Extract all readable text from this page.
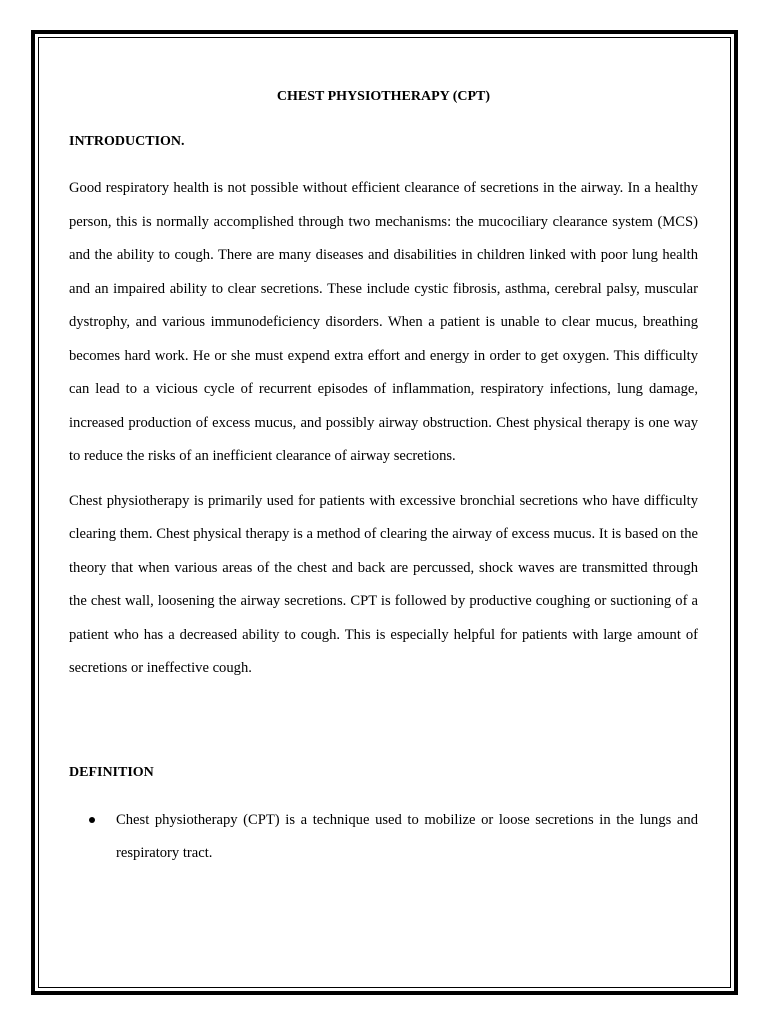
CHEST PHYSIOTHERAPY (CPT)
INTRODUCTION.

Good respiratory health is not possible without efficient clearance of secretions in the airway. In a healthy person, this is normally accomplished through two mechanisms: the mucociliary clearance system (MCS) and the ability to cough. There are many diseases and disabilities in children linked with poor lung health and an impaired ability to clear secretions. These include cystic fibrosis, asthma, cerebral palsy, muscular dystrophy, and various immunodeficiency disorders. When a patient is unable to clear mucus, breathing becomes hard work. He or she must expend extra effort and energy in order to get oxygen. This difficulty can lead to a vicious cycle of recurrent episodes of inflammation, respiratory infections, lung damage, increased production of excess mucus, and possibly airway obstruction. Chest physical therapy is one way to reduce the risks of an inefficient clearance of airway secretions.

Chest physiotherapy is primarily used for patients with excessive bronchial secretions who have difficulty clearing them. Chest physical therapy is a method of clearing the airway of excess mucus. It is based on the theory that when various areas of the chest and back are percussed, shock waves are transmitted through the chest wall, loosening the airway secretions. CPT is followed by productive coughing or suctioning of a patient who has a decreased ability to cough. This is especially helpful for patients with large amount of secretions or ineffective cough.

DEFINITION
Chest physiotherapy (CPT) is a technique used to mobilize or loose secretions in the lungs and respiratory tract.
